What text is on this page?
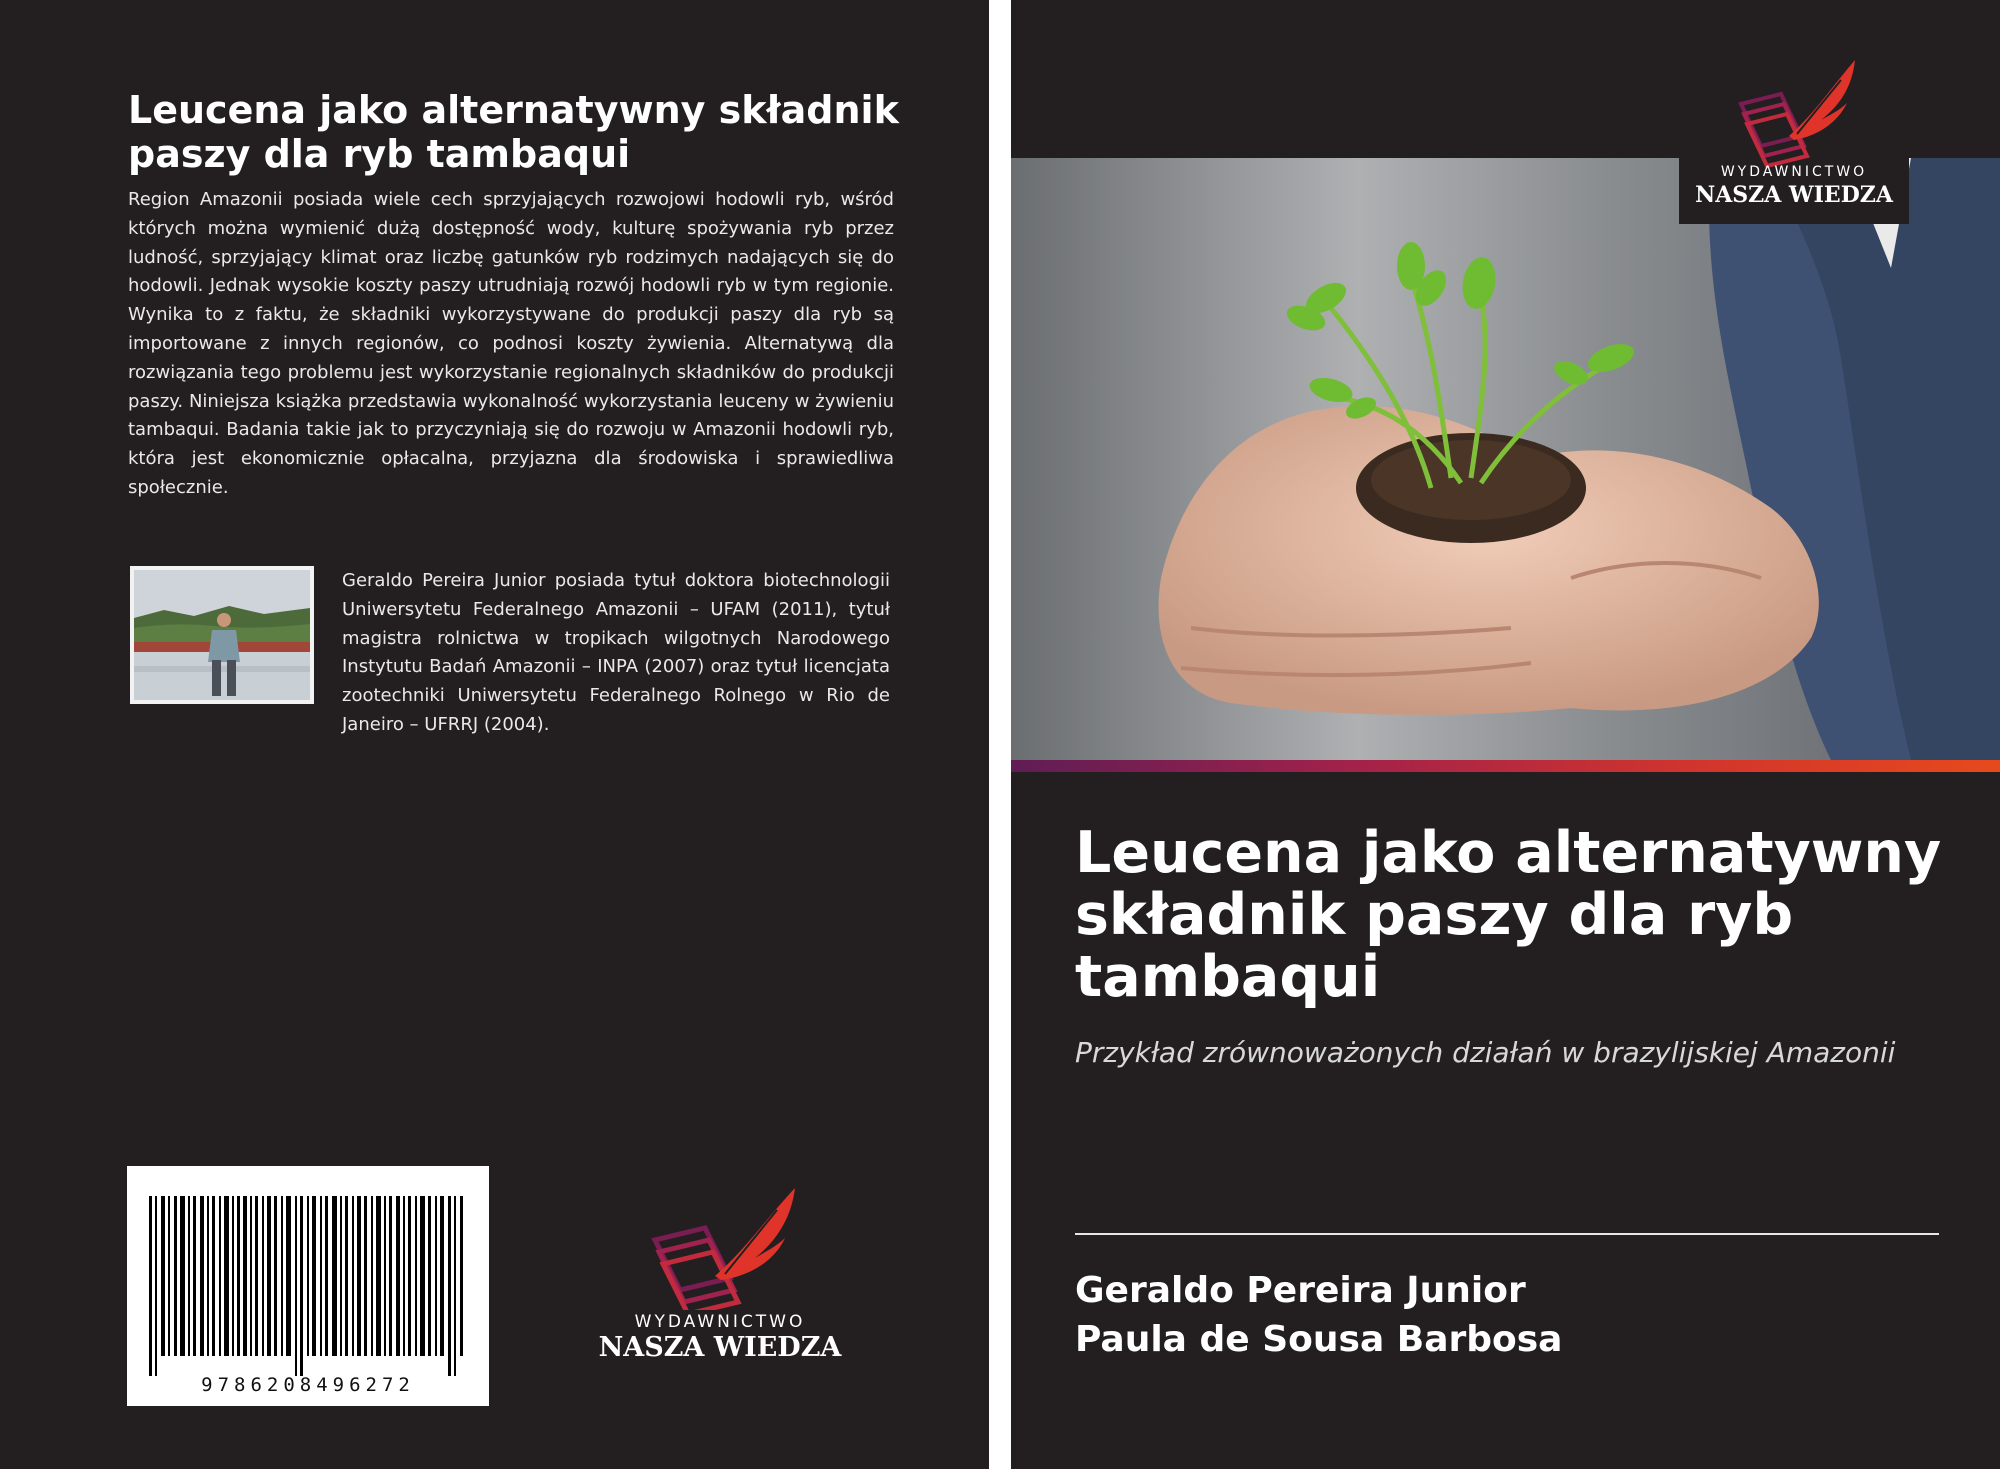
Leucena jako alternatywny składnik paszy dla ryb tambaqui

Region Amazonii posiada wiele cech sprzyjających rozwojowi hodowli ryb, wśród których można wymienić dużą dostępność wody, kulturę spożywania ryb przez ludność, sprzyjający klimat oraz liczbę gatunków ryb rodzimych nadających się do hodowli. Jednak wysokie koszty paszy utrudniają rozwój hodowli ryb w tym regionie. Wynika to z faktu, że składniki wykorzystywane do produkcji paszy dla ryb są importowane z innych regionów, co podnosi koszty żywienia. Alternatywą dla rozwiązania tego problemu jest wykorzystanie regionalnych składników do produkcji paszy. Niniejsza książka przedstawia wykonalność wykorzystania leuceny w żywieniu tambaqui. Badania takie jak to przyczyniają się do rozwoju w Amazonii hodowli ryb, która jest ekonomicznie opłacalna, przyjazna dla środowiska i sprawiedliwa społecznie.

Geraldo Pereira Junior posiada tytuł doktora biotechnologii Uniwersytetu Federalnego Amazonii – UFAM (2011), tytuł magistra rolnictwa w tropikach wilgotnych Narodowego Instytutu Badań Amazonii – INPA (2007) oraz tytuł licencjata zootechniki Uniwersytetu Federalnego Rolnego w Rio de Janeiro – UFRRJ (2004).

9786208496272

WYDAWNICTWO

NASZA WIEDZA

WYDAWNICTWO

NASZA WIEDZA

Leucena jako alternatywny składnik paszy dla ryb tambaqui

Przykład zrównoważonych działań w brazylijskiej Amazonii

Geraldo Pereira Junior

Paula de Sousa Barbosa
